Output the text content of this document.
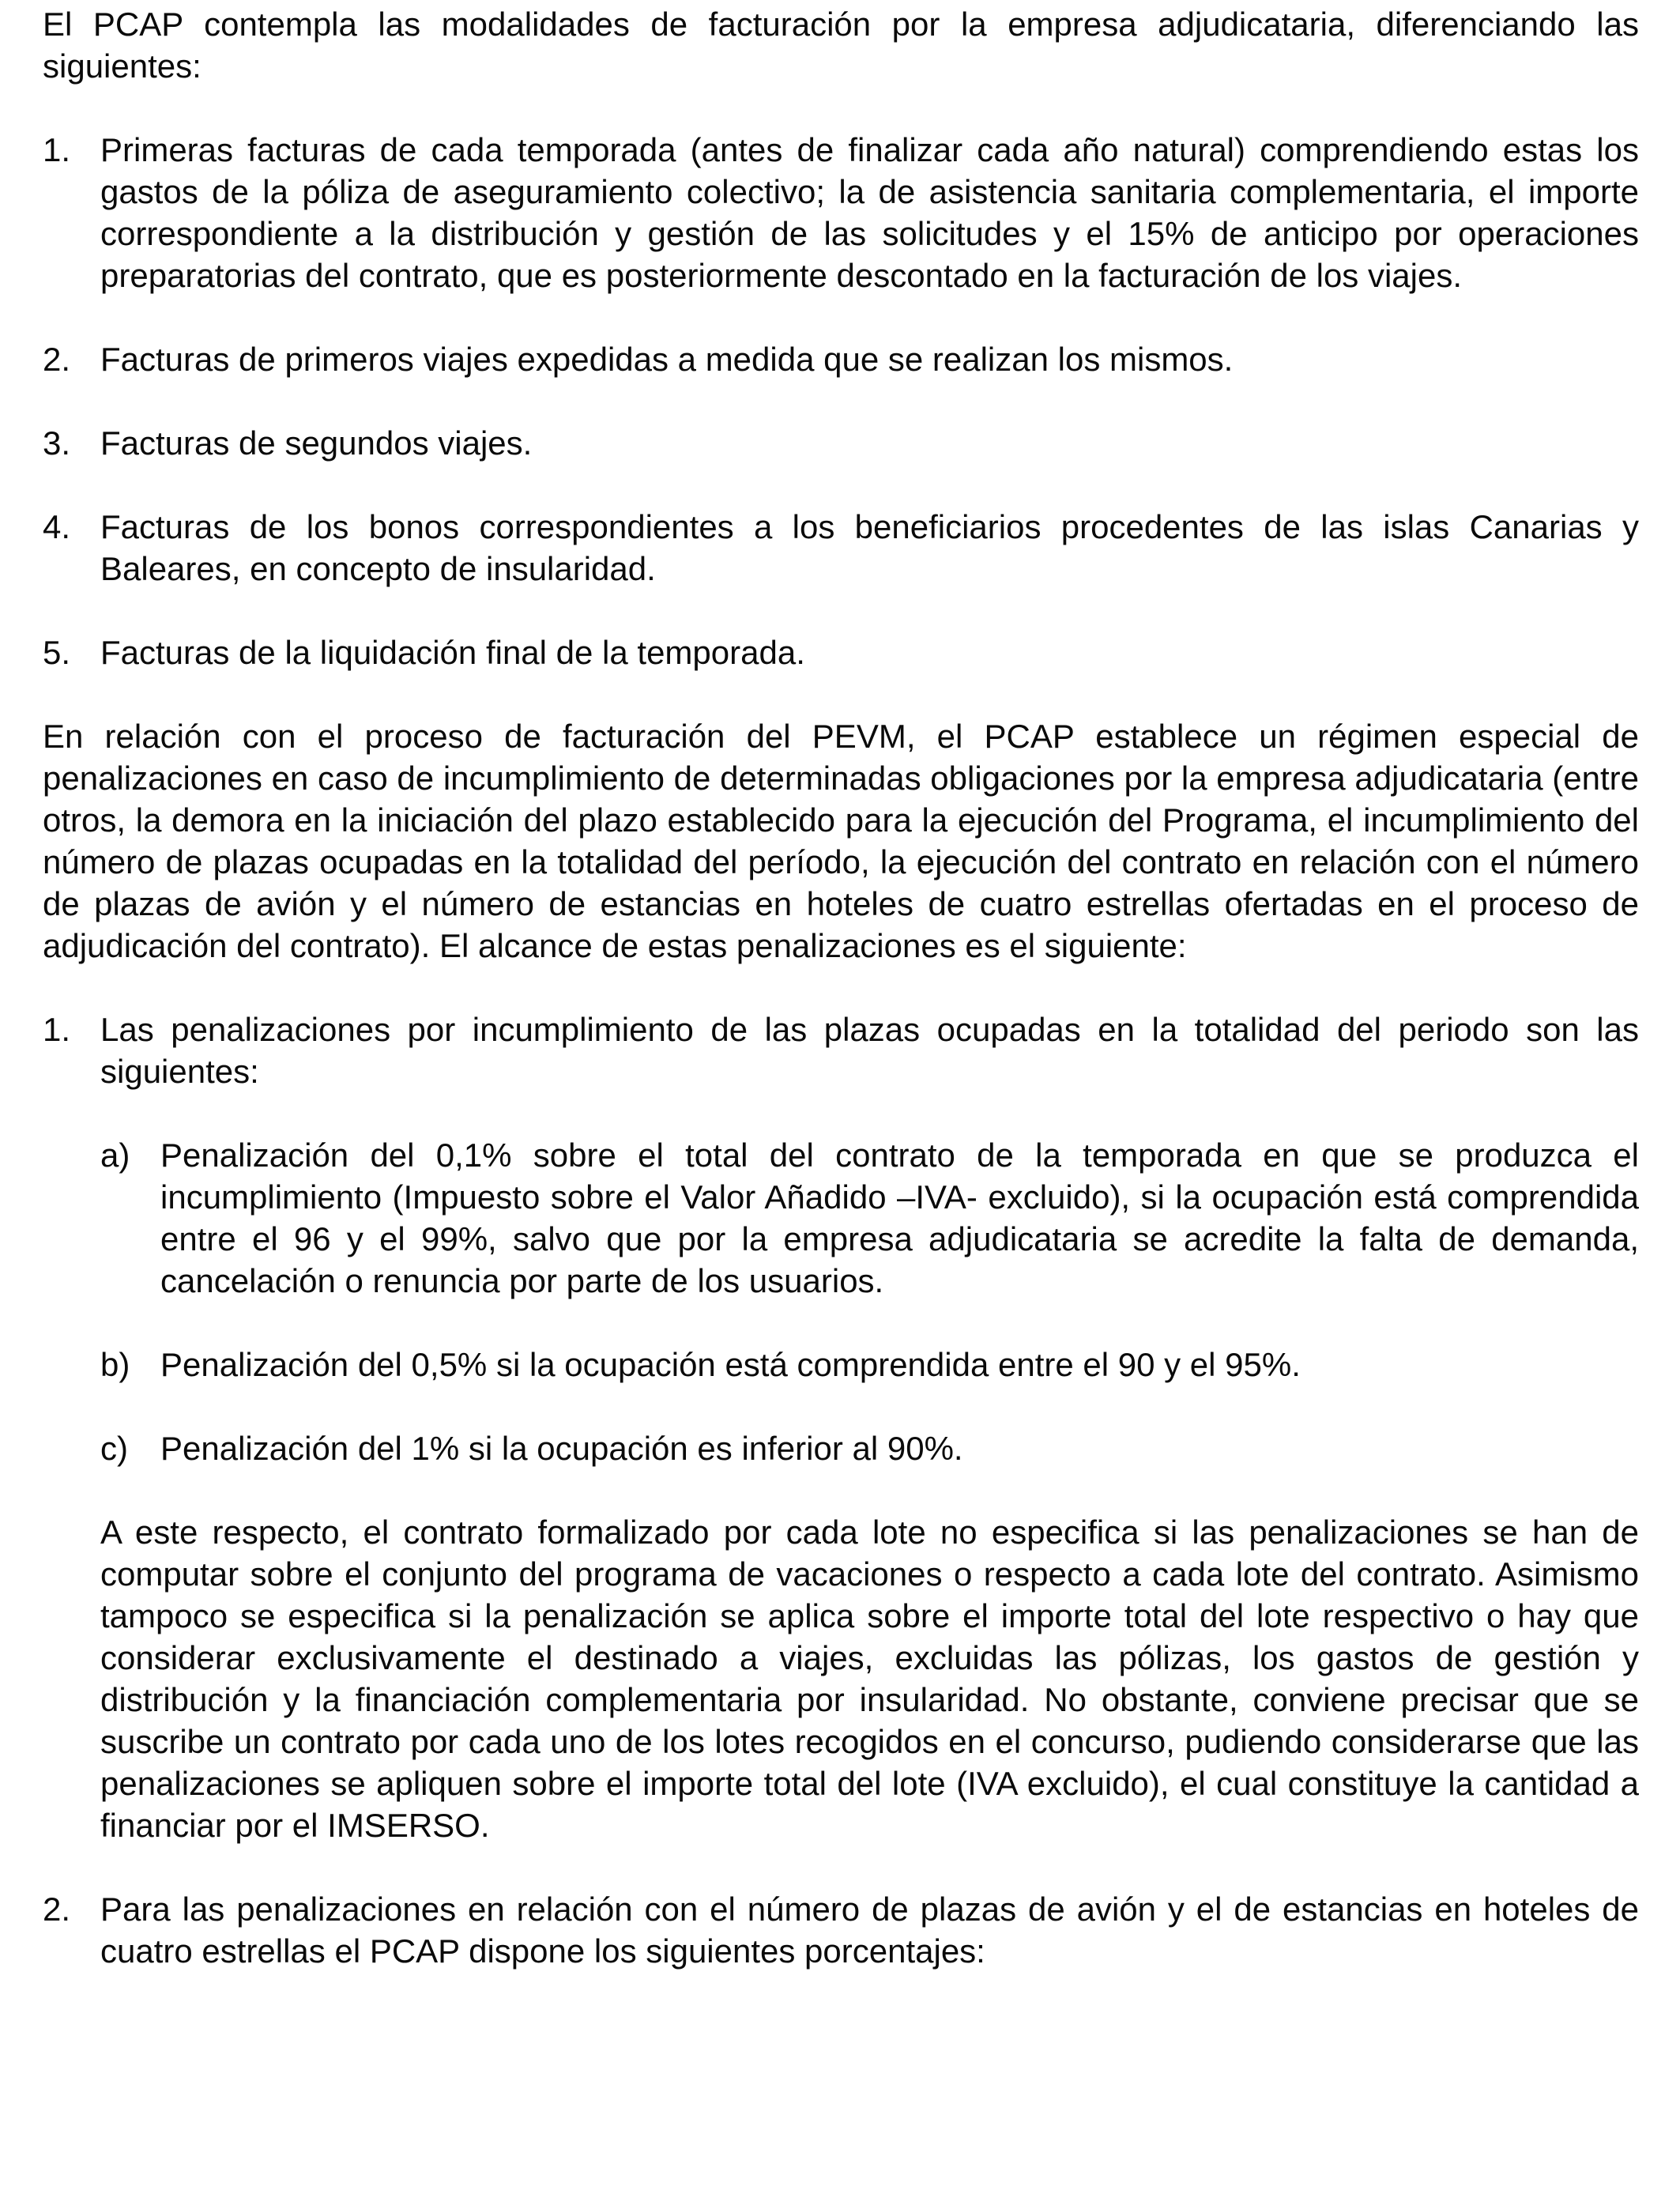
El PCAP contempla las modalidades de facturación por la empresa adjudicataria, diferenciando las siguientes:

1. Primeras facturas de cada temporada (antes de finalizar cada año natural) comprendiendo estas los gastos de la póliza de aseguramiento colectivo; la de asistencia sanitaria complementaria, el importe correspondiente a la distribución y gestión de las solicitudes y el 15% de anticipo por operaciones preparatorias del contrato, que es posteriormente descontado en la facturación de los viajes.
2. Facturas de primeros viajes expedidas a medida que se realizan los mismos.
3. Facturas de segundos viajes.
4. Facturas de los bonos correspondientes a los beneficiarios procedentes de las islas Canarias y Baleares, en concepto de insularidad.
5. Facturas de la liquidación final de la temporada.

En relación con el proceso de facturación del PEVM, el PCAP establece un régimen especial de penalizaciones en caso de incumplimiento de determinadas obligaciones por la empresa adjudicataria (entre otros, la demora en la iniciación del plazo establecido para la ejecución del Programa, el incumplimiento del número de plazas ocupadas en la totalidad del período, la ejecución del contrato en relación con el número de plazas de avión y el número de estancias en hoteles de cuatro estrellas ofertadas en el proceso de adjudicación del contrato). El alcance de estas penalizaciones es el siguiente:

1. Las penalizaciones por incumplimiento de las plazas ocupadas en la totalidad del periodo son las siguientes:
a) Penalización del 0,1% sobre el total del contrato de la temporada en que se produzca el incumplimiento (Impuesto sobre el Valor Añadido –IVA- excluido), si la ocupación está comprendida entre el 96 y el 99%, salvo que por la empresa adjudicataria se acredite la falta de demanda, cancelación o renuncia por parte de los usuarios.
b) Penalización del 0,5% si la ocupación está comprendida entre el 90 y el 95%.
c) Penalización del 1% si la ocupación es inferior al 90%.

A este respecto, el contrato formalizado por cada lote no especifica si las penalizaciones se han de computar sobre el conjunto del programa de vacaciones o respecto a cada lote del contrato. Asimismo tampoco se especifica si la penalización se aplica sobre el importe total del lote respectivo o hay que considerar exclusivamente el destinado a viajes, excluidas las pólizas, los gastos de gestión y distribución y la financiación complementaria por insularidad. No obstante, conviene precisar que se suscribe un contrato por cada uno de los lotes recogidos en el concurso, pudiendo considerarse que las penalizaciones se apliquen sobre el importe total del lote (IVA excluido), el cual constituye la cantidad a financiar por el IMSERSO.

2. Para las penalizaciones en relación con el número de plazas de avión y el de estancias en hoteles de cuatro estrellas el PCAP dispone los siguientes porcentajes:
